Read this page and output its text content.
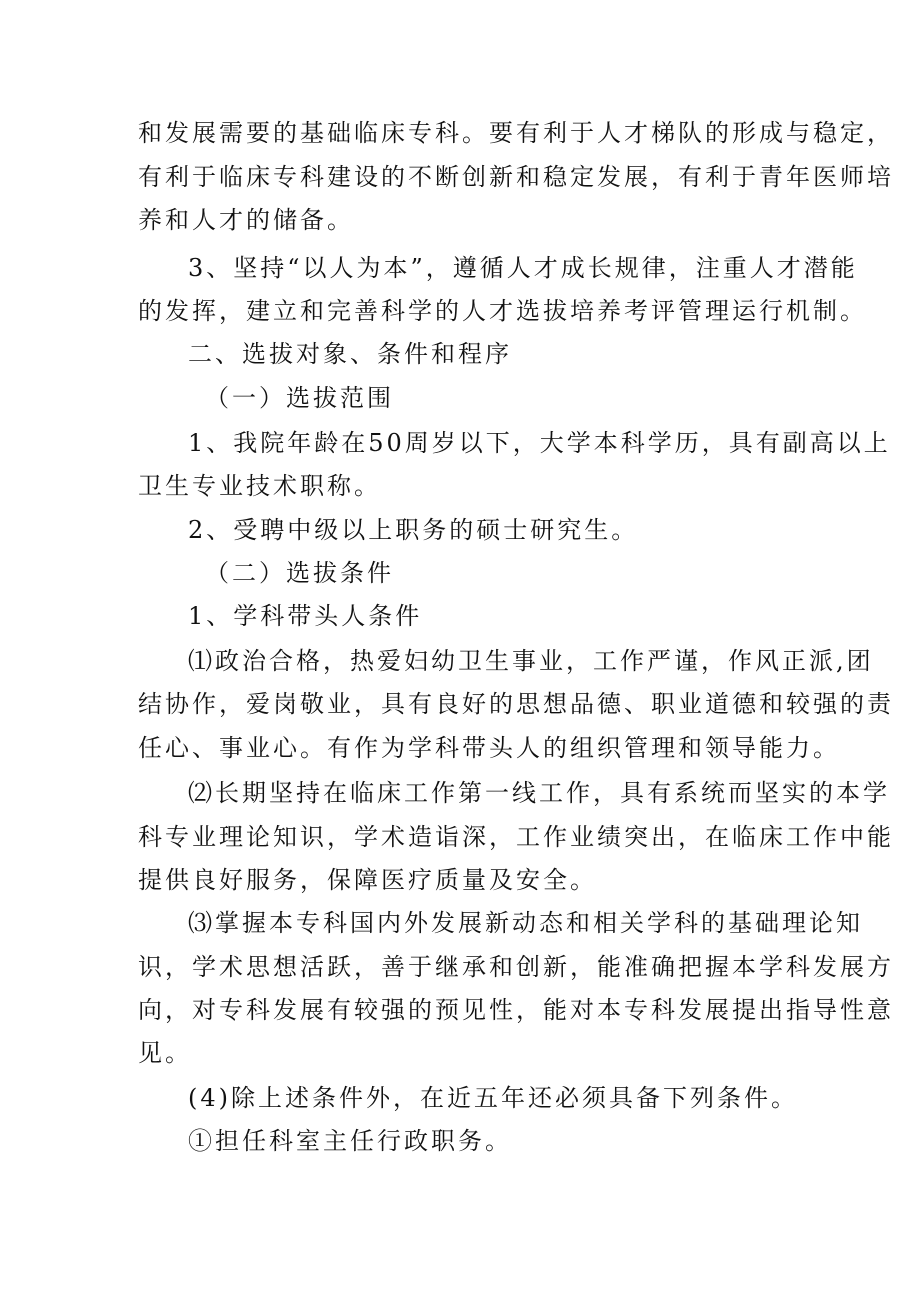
和发展需要的基础临床专科。要有利于人才梯队的形成与稳定，
有利于临床专科建设的不断创新和稳定发展，有利于青年医师培
养和人才的储备。
3、坚持“以人为本”，遵循人才成长规律，注重人才潜能
的发挥，建立和完善科学的人才选拔培养考评管理运行机制。
二、选拔对象、条件和程序
（一）选拔范围
1、我院年龄在50周岁以下，大学本科学历，具有副高以上
卫生专业技术职称。
2、受聘中级以上职务的硕士研究生。
（二）选拔条件
1、学科带头人条件
⑴政治合格，热爱妇幼卫生事业，工作严谨，作风正派,团
结协作，爱岗敬业，具有良好的思想品德、职业道德和较强的责
任心、事业心。有作为学科带头人的组织管理和领导能力。
⑵长期坚持在临床工作第一线工作，具有系统而坚实的本学
科专业理论知识，学术造诣深，工作业绩突出，在临床工作中能
提供良好服务，保障医疗质量及安全。
⑶掌握本专科国内外发展新动态和相关学科的基础理论知
识，学术思想活跃，善于继承和创新，能准确把握本学科发展方
向，对专科发展有较强的预见性，能对本专科发展提出指导性意
见。
(4)除上述条件外，在近五年还必须具备下列条件。
①担任科室主任行政职务。
